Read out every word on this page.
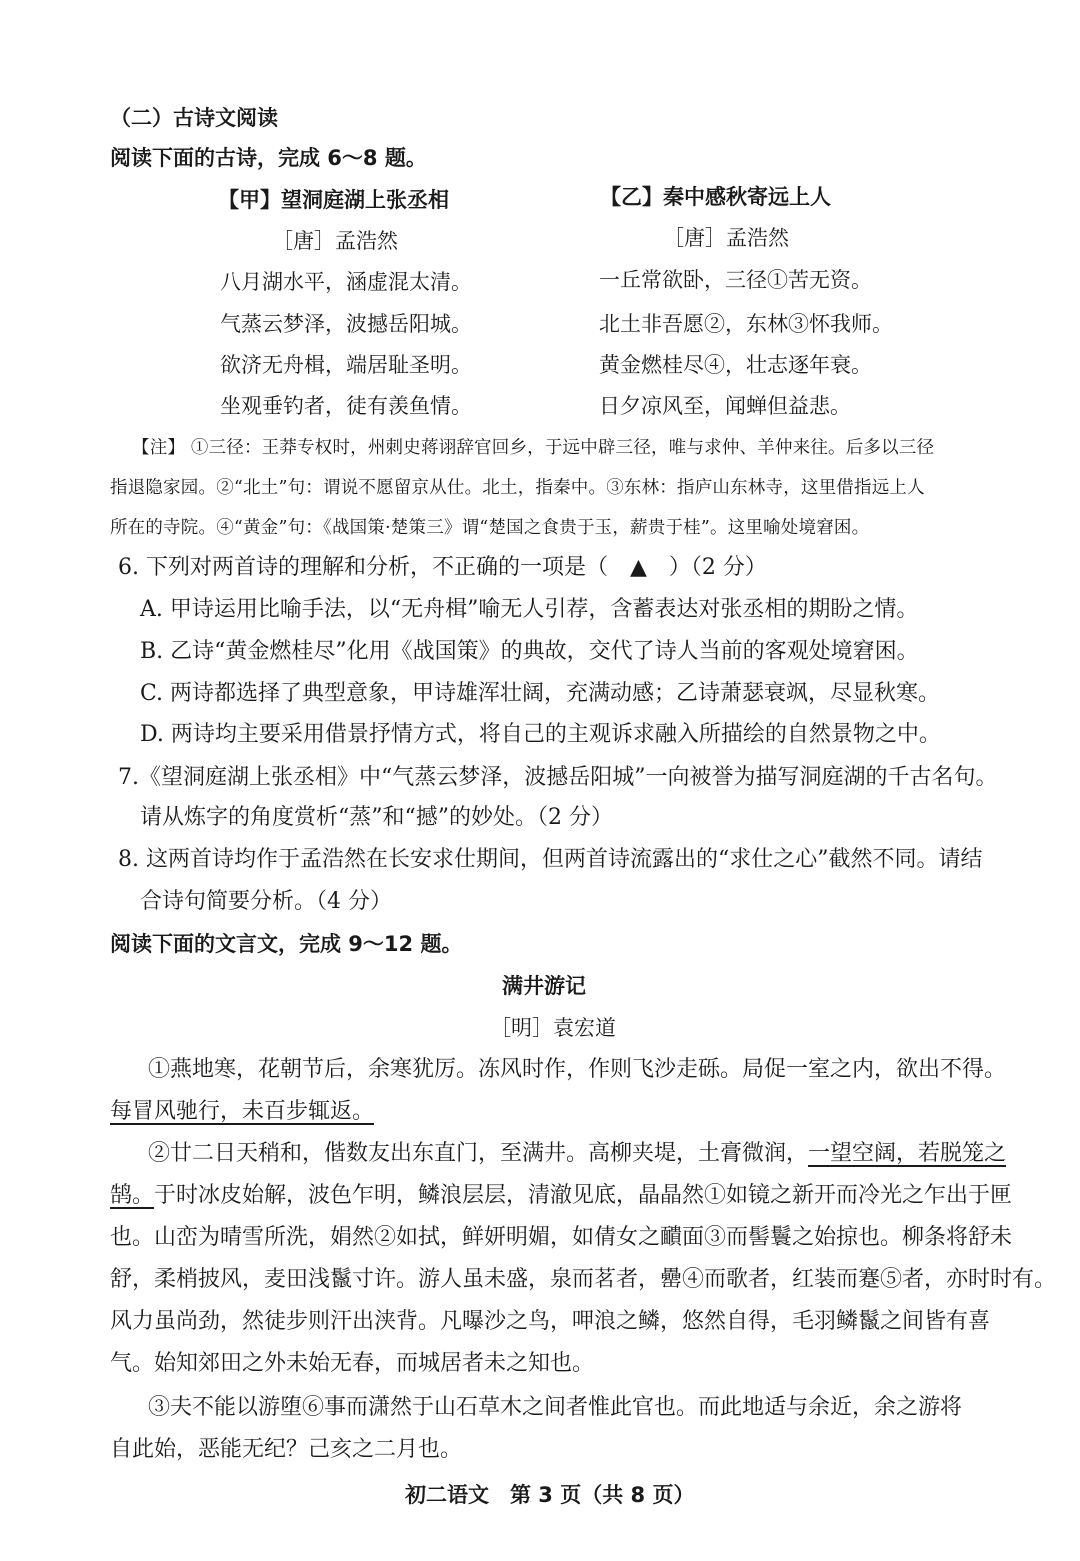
（二）古诗文阅读
阅读下面的古诗，完成 6～8 题。
【甲】望洞庭湖上张丞相
［唐］孟浩然
八月湖水平，涵虚混太清。
气蒸云梦泽，波撼岳阳城。
欲济无舟楫，端居耻圣明。
坐观垂钓者，徒有羡鱼情。
【乙】秦中感秋寄远上人
［唐］孟浩然
一丘常欲卧，三径①苦无资。
北土非吾愿②，东林③怀我师。
黄金燃桂尽④，壮志逐年衰。
日夕凉风至，闻蝉但益悲。
【注】 ①三径：王莽专权时，州刺史蒋诩辞官回乡，于远中辟三径，唯与求仲、羊仲来往。后多以三径
指退隐家园。②“北土”句：谓说不愿留京从仕。北土，指秦中。③东林：指庐山东林寺，这里借指远上人
所在的寺院。④“黄金”句：《战国策·楚策三》谓“楚国之食贵于玉，薪贵于桂”。这里喻处境窘困。
6. 下列对两首诗的理解和分析，不正确的一项是（　▲　）（2 分）
A. 甲诗运用比喻手法，以“无舟楫”喻无人引荐，含蓄表达对张丞相的期盼之情。
B. 乙诗“黄金燃桂尽”化用《战国策》的典故，交代了诗人当前的客观处境窘困。
C. 两诗都选择了典型意象，甲诗雄浑壮阔，充满动感；乙诗萧瑟衰飒，尽显秋寒。
D. 两诗均主要采用借景抒情方式，将自己的主观诉求融入所描绘的自然景物之中。
7.《望洞庭湖上张丞相》中“气蒸云梦泽，波撼岳阳城”一向被誉为描写洞庭湖的千古名句。
请从炼字的角度赏析“蒸”和“撼”的妙处。（2 分）
8. 这两首诗均作于孟浩然在长安求仕期间，但两首诗流露出的“求仕之心”截然不同。请结
合诗句简要分析。（4 分）
阅读下面的文言文，完成 9～12 题。
满井游记
［明］袁宏道
①燕地寒，花朝节后，余寒犹厉。冻风时作，作则飞沙走砾。局促一室之内，欲出不得。
每冒风驰行，未百步辄返。
②廿二日天稍和，偕数友出东直门，至满井。高柳夹堤，土膏微润，一望空阔，若脱笼之
鹄。于时冰皮始解，波色乍明，鳞浪层层，清澈见底，晶晶然①如镜之新开而冷光之乍出于匣
也。山峦为晴雪所洗，娟然②如拭，鲜妍明媚，如倩女之靧面③而髻鬟之始掠也。柳条将舒未
舒，柔梢披风，麦田浅鬣寸许。游人虽未盛，泉而茗者，罍④而歌者，红装而蹇⑤者，亦时时有。
风力虽尚劲，然徒步则汗出浃背。凡曝沙之鸟，呷浪之鳞，悠然自得，毛羽鳞鬣之间皆有喜
气。始知郊田之外未始无春，而城居者未之知也。
③夫不能以游堕⑥事而潇然于山石草木之间者惟此官也。而此地适与余近，余之游将
自此始，恶能无纪？己亥之二月也。
初二语文　第 3 页（共 8 页）
